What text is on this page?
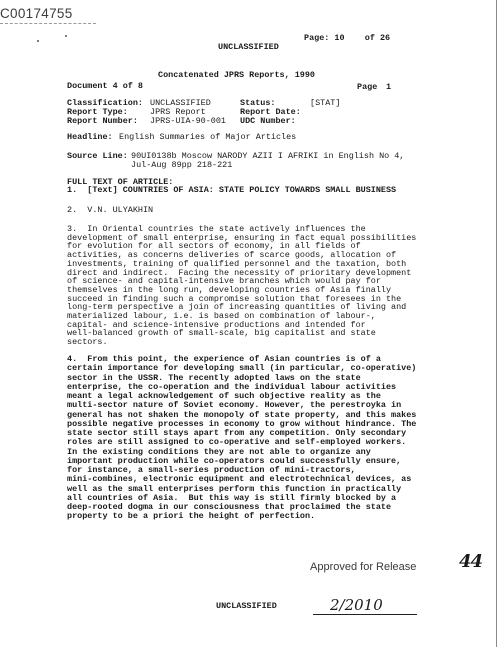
C00174755
Page: 10    of 26
UNCLASSIFIED
Concatenated JPRS Reports, 1990
Document 4 of 8	Page 1
Classification: UNCLASSIFIED	Status:	[STAT]
Report Type:	JPRS Report	Report Date:
Report Number: JPRS-UIA-90-001 UDC Number:
Headline: English Summaries of Major Articles
Source Line: 90UI0138b Moscow NARODY AZII I AFRIKI in English No 4,
Jul-Aug 89pp 218-221
FULL TEXT OF ARTICLE:
1.  [Text] COUNTRIES OF ASIA: STATE POLICY TOWARDS SMALL BUSINESS
2.  V.N. ULYAKHIN
3.  In Oriental countries the state actively influences the
development of small enterprise, ensuring in fact equal possibilities
for evolution for all sectors of economy, in all fields of
activities, as concerns deliveries of scarce goods, allocation of
investments, training of qualified personnel and the taxation, both
direct and indirect.  Facing the necessity of prioritary development
of science- and capital-intensive branches which would pay for
themselves in the long run, developing countries of Asia finally
succeed in finding such a compromise solution that foresees in the
long-term perspective a join of increasing quantities of living and
materialized labour, i.e. is based on combination of labour-,
capital- and science-intensive productions and intended for
well-balanced growth of small-scale, big capitalist and state
sectors.
4.  From this point, the experience of Asian countries is of a
certain importance for developing small (in particular, co-operative)
sector in the USSR. The recently adopted laws on the state
enterprise, the co-operation and the individual labour activities
meant a legal acknowledgement of such objective reality as the
multi-sector nature of Soviet economy. However, the perestroyka in
general has not shaken the monopoly of state property, and this makes
possible negative processes in economy to grow without hindrance. The
state sector still stays apart from any competition. Only secondary
roles are still assigned to co-operative and self-employed workers.
In the existing conditions they are not able to organize any
important production while co-operators could successfully ensure,
for instance, a small-series production of mini-tractors,
mini-combines, electronic equipment and electrotechnical devices, as
well as the small enterprises perform this function in practically
all countries of Asia.  But this way is still firmly blocked by a
deep-rooted dogma in our consciousness that proclaimed the state
property to be a priori the height of perfection.
Approved for Release 44
UNCLASSIFIED	2/2010
